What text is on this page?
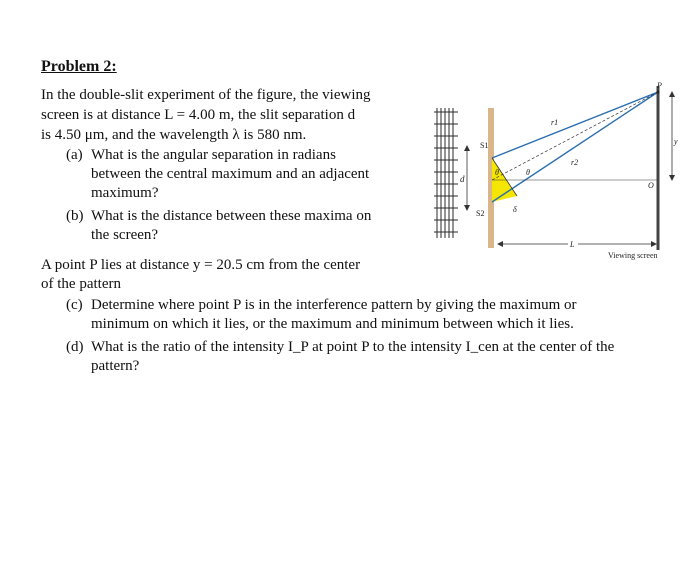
Problem 2:
In the double-slit experiment of the figure, the viewing
screen is at distance L = 4.00 m, the slit separation d
is 4.50 μm, and the wavelength λ is 580 nm.
(a) What is the angular separation in radians
between the central maximum and an adjacent
maximum?
(b) What is the distance between these maxima on
the screen?
A point P lies at distance y = 20.5 cm from the center
of the pattern
(c) Determine where point P is in the interference pattern by giving the maximum or
minimum on which it lies, or the maximum and minimum between which it lies.
(d) What is the ratio of the intensity I_P at point P to the intensity I_cen at the center of the
pattern?
d
r1
r2
θ	θ
δ
S1
S2
P
O
y
L
Viewing screen
